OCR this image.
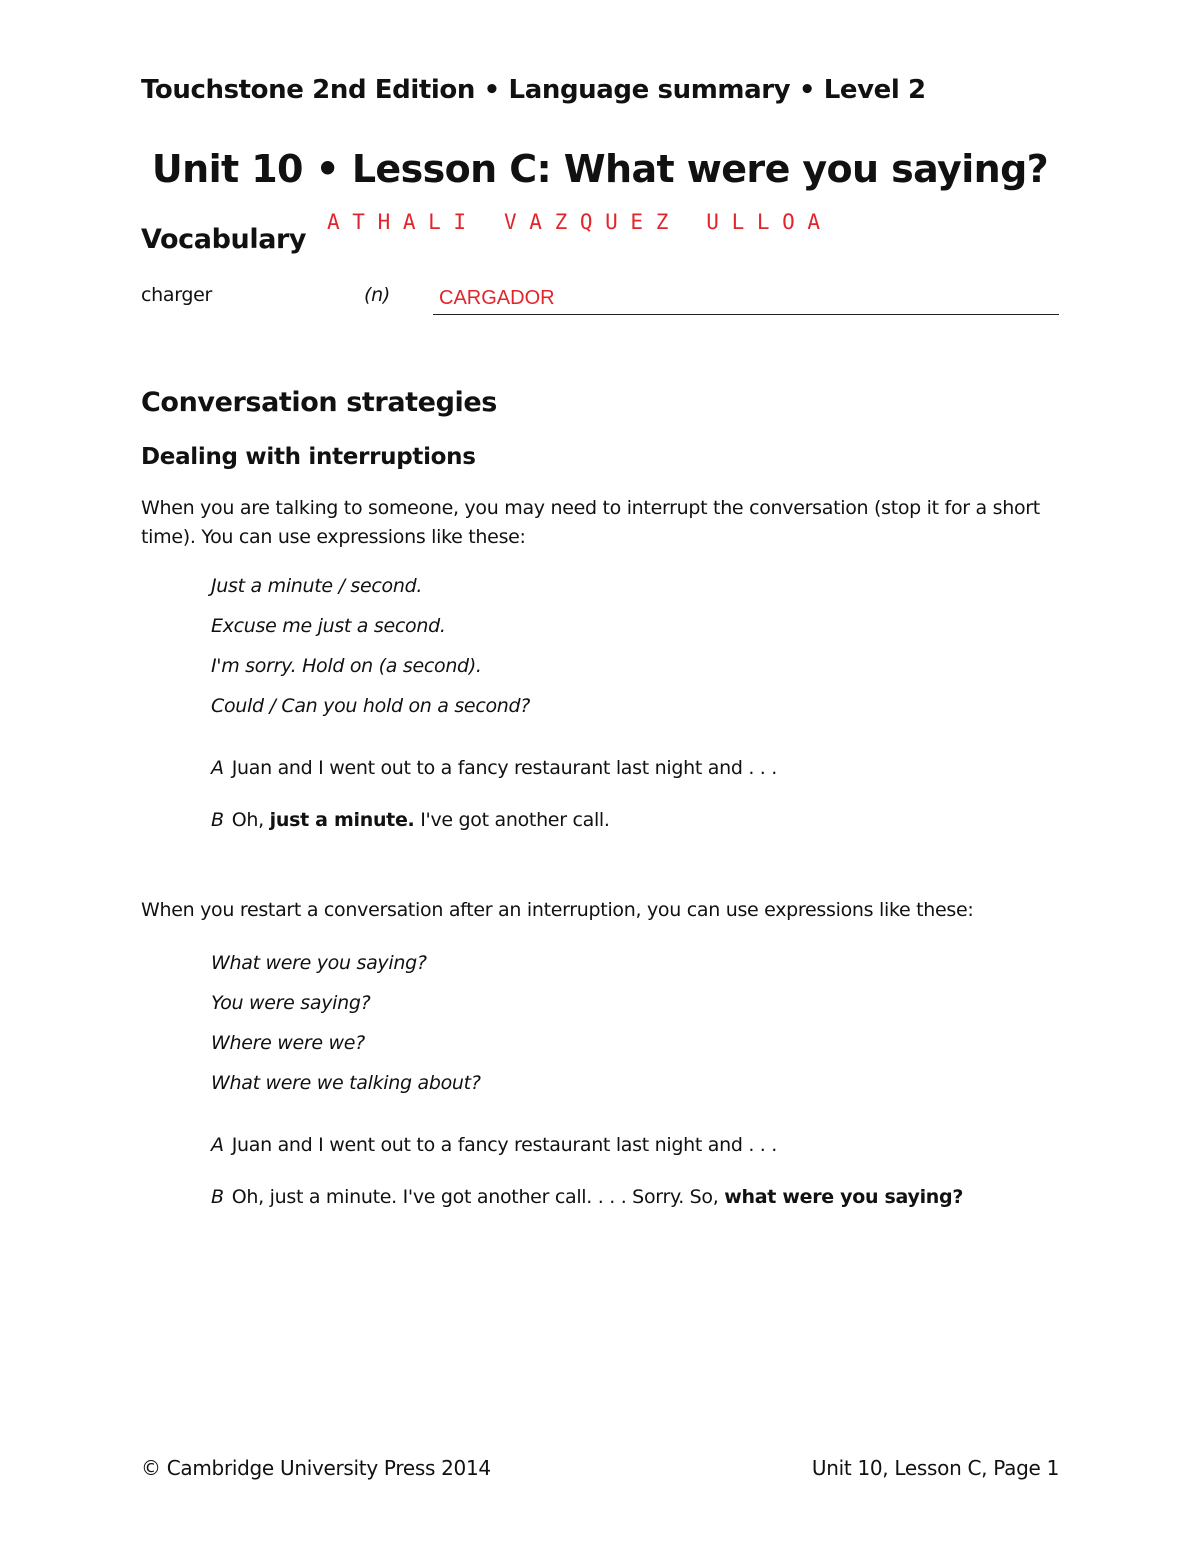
Touchstone 2nd Edition • Language summary • Level 2
Unit 10 • Lesson C: What were you saying?
Vocabulary
A T H A L I   V A Z Q U E Z   U L L O A
charger	(n) CARGADOR
Conversation strategies
Dealing with interruptions
When you are talking to someone, you may need to interrupt the conversation (stop it for a short time). You can use expressions like these:
Just a minute / second.
Excuse me just a second.
I'm sorry. Hold on (a second).
Could / Can you hold on a second?
A Juan and I went out to a fancy restaurant last night and . . .
B Oh, just a minute. I've got another call.
When you restart a conversation after an interruption, you can use expressions like these:
What were you saying?
You were saying?
Where were we?
What were we talking about?
A Juan and I went out to a fancy restaurant last night and . . .
B Oh, just a minute. I've got another call. . . . Sorry. So, what were you saying?
© Cambridge University Press 2014	Unit 10, Lesson C, Page 1
